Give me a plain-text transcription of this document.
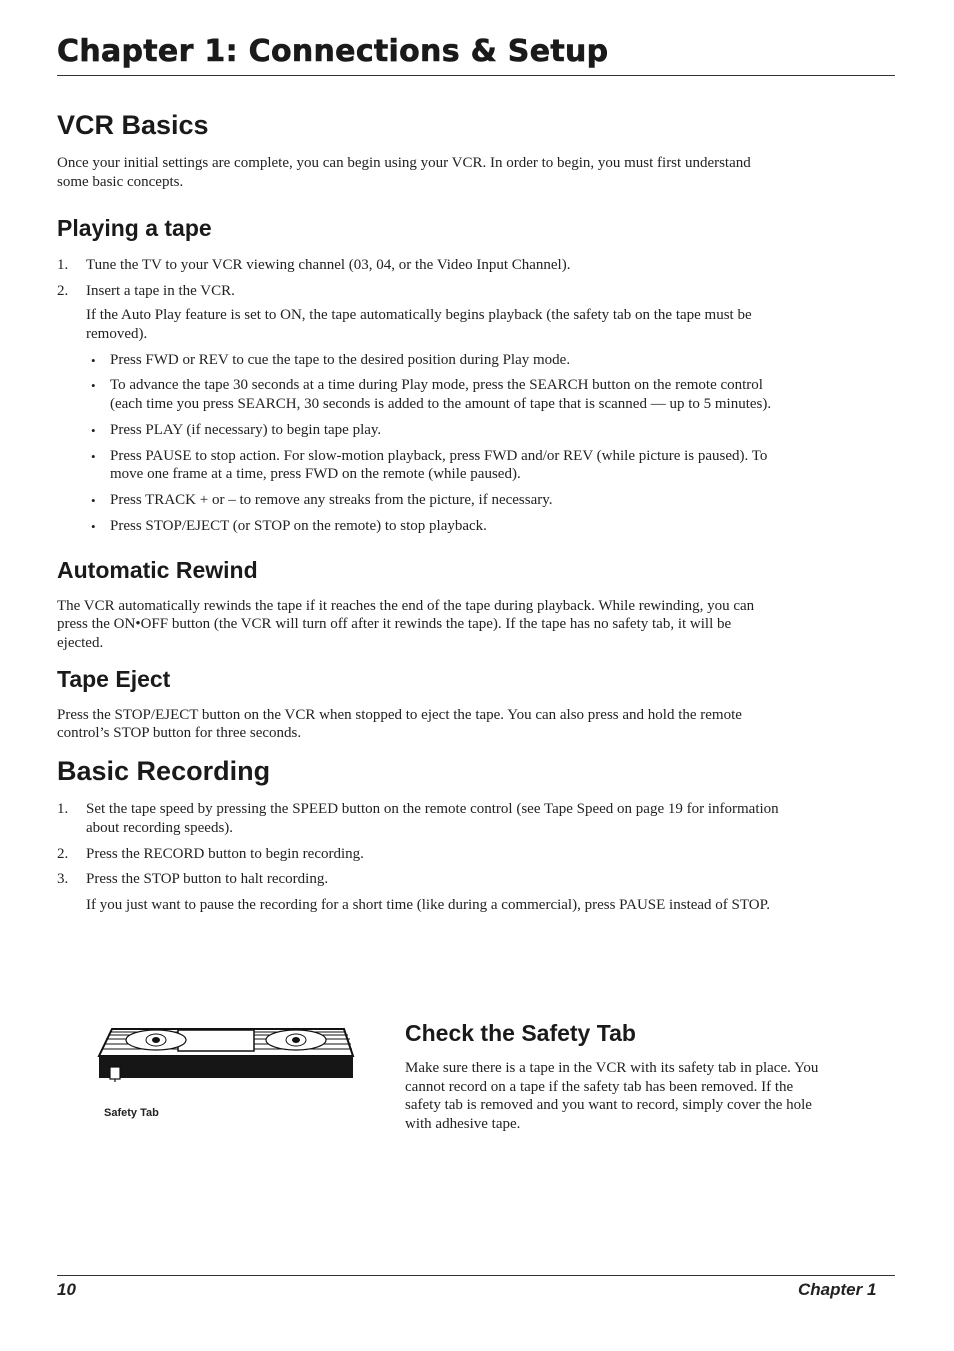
Chapter 1: Connections & Setup
VCR Basics
Once your initial settings are complete, you can begin using your VCR. In order to begin, you must first understand
some basic concepts.
Playing a tape
1. Tune the TV to your VCR viewing channel (03, 04, or the Video Input Channel).
2. Insert a tape in the VCR.
If the Auto Play feature is set to ON, the tape automatically begins playback (the safety tab on the tape must be
removed).
• Press FWD or REV to cue the tape to the desired position during Play mode.
• To advance the tape 30 seconds at a time during Play mode, press the SEARCH button on the remote control
(each time you press SEARCH, 30 seconds is added to the amount of tape that is scanned — up to 5 minutes).
• Press PLAY (if necessary) to begin tape play.
• Press PAUSE to stop action. For slow-motion playback, press FWD and/or REV (while picture is paused). To
move one frame at a time, press FWD on the remote (while paused).
• Press TRACK + or – to remove any streaks from the picture, if necessary.
• Press STOP/EJECT (or STOP on the remote) to stop playback.
Automatic Rewind
The VCR automatically rewinds the tape if it reaches the end of the tape during playback. While rewinding, you can
press the ON•OFF button (the VCR will turn off after it rewinds the tape). If the tape has no safety tab, it will be
ejected.
Tape Eject
Press the STOP/EJECT button on the VCR when stopped to eject the tape. You can also press and hold the remote
control’s STOP button for three seconds.
Basic Recording
1. Set the tape speed by pressing the SPEED button on the remote control (see Tape Speed on page 19 for information
about recording speeds).
2. Press the RECORD button to begin recording.
3. Press the STOP button to halt recording.
If you just want to pause the recording for a short time (like during a commercial), press PAUSE instead of STOP.
Safety Tab
Check the Safety Tab
Make sure there is a tape in the VCR with its safety tab in place. You
cannot record on a tape if the safety tab has been removed. If the
safety tab is removed and you want to record, simply cover the hole
with adhesive tape.
10	Chapter 1
